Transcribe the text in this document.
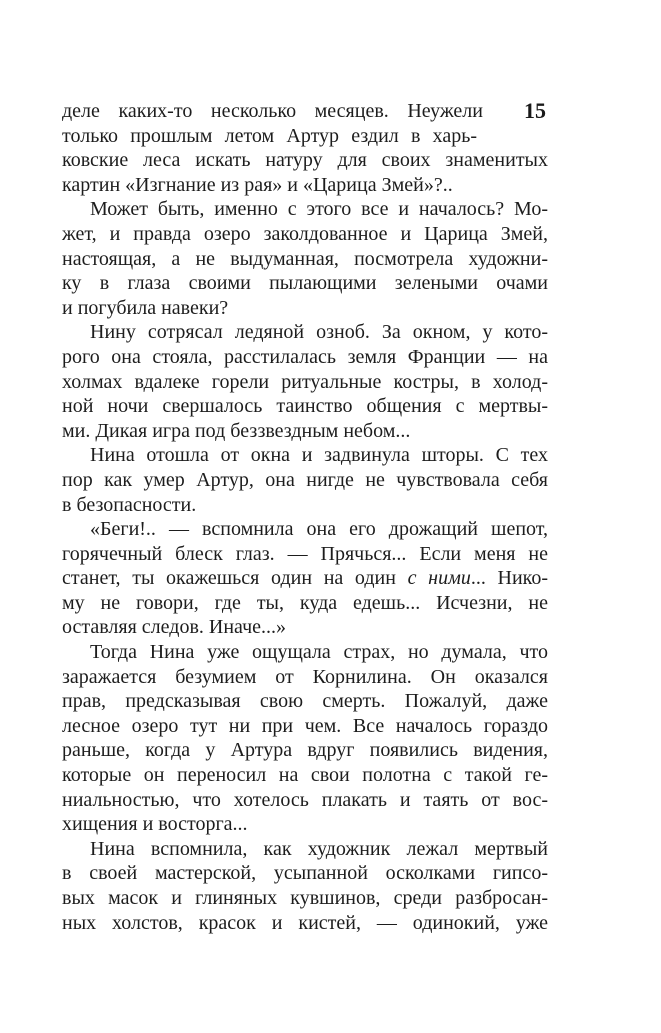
15
деле каких-то несколько месяцев. Неужели
только прошлым летом Артур ездил в харь-
ковские леса искать натуру для своих знаменитых
картин «Изгнание из рая» и «Царица Змей»?..
Может быть, именно с этого все и началось? Мо-
жет, и правда озеро заколдованное и Царица Змей,
настоящая, а не выдуманная, посмотрела художни-
ку в глаза своими пылающими зелеными очами
и погубила навеки?
Нину сотрясал ледяной озноб. За окном, у кото-
рого она стояла, расстилалась земля Франции — на
холмах вдалеке горели ритуальные костры, в холод-
ной ночи свершалось таинство общения с мертвы-
ми. Дикая игра под беззвездным небом...
Нина отошла от окна и задвинула шторы. С тех
пор как умер Артур, она нигде не чувствовала себя
в безопасности.
«Беги!.. — вспомнила она его дрожащий шепот,
горячечный блеск глаз. — Прячься... Если меня не
станет, ты окажешься один на один с ними... Нико-
му не говори, где ты, куда едешь... Исчезни, не
оставляя следов. Иначе...»
Тогда Нина уже ощущала страх, но думала, что
заражается безумием от Корнилина. Он оказался
прав, предсказывая свою смерть. Пожалуй, даже
лесное озеро тут ни при чем. Все началось гораздо
раньше, когда у Артура вдруг появились видения,
которые он переносил на свои полотна с такой ге-
ниальностью, что хотелось плакать и таять от вос-
хищения и восторга...
Нина вспомнила, как художник лежал мертвый
в своей мастерской, усыпанной осколками гипсо-
вых масок и глиняных кувшинов, среди разбросан-
ных холстов, красок и кистей, — одинокий, уже
